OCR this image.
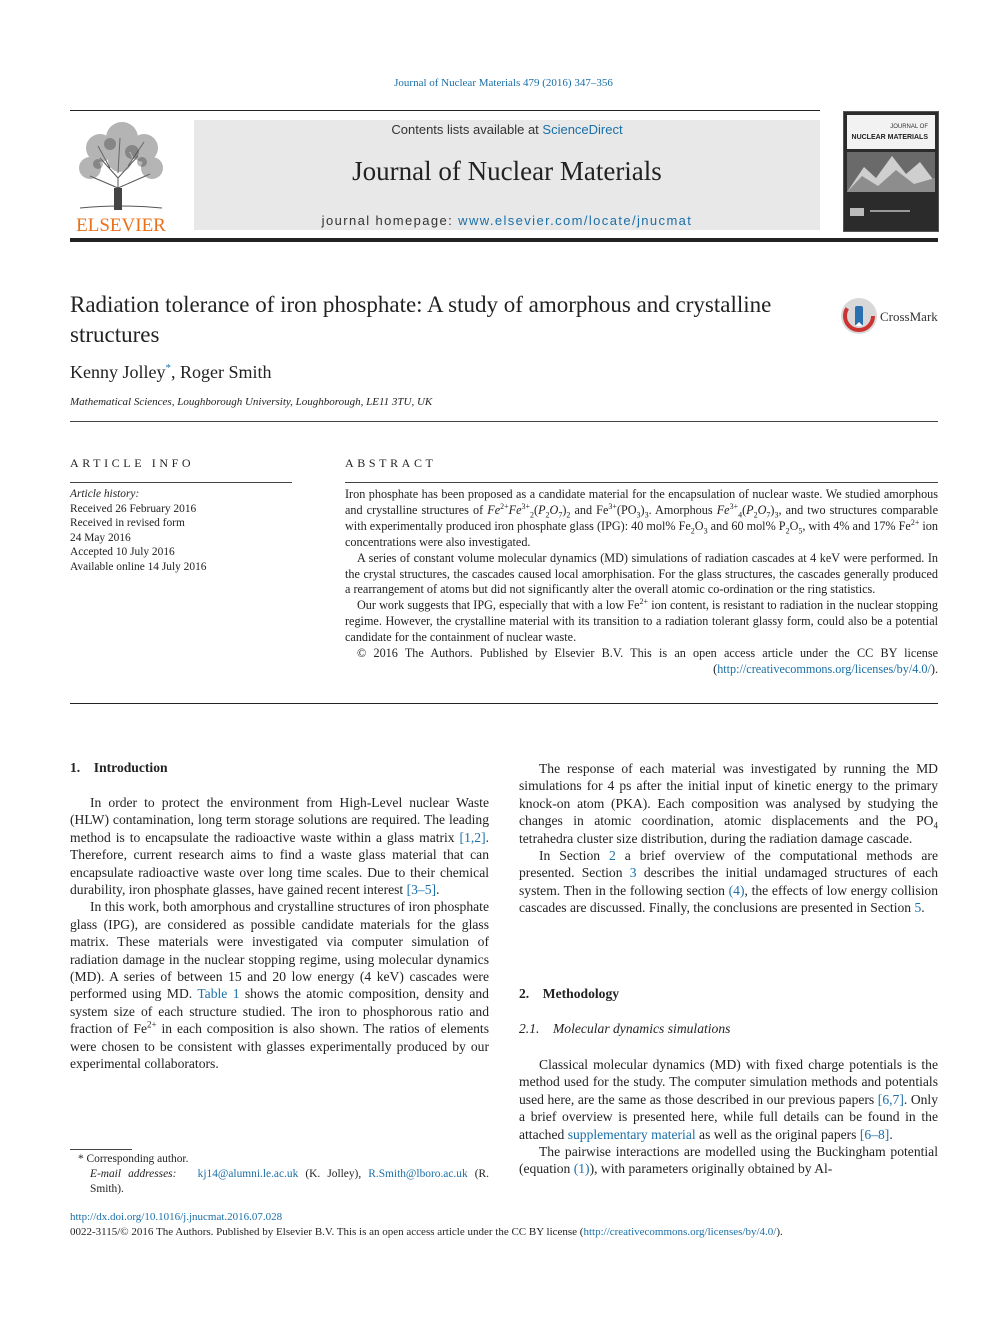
Journal of Nuclear Materials 479 (2016) 347–356
ELSEVIER
Contents lists available at ScienceDirect
Journal of Nuclear Materials
journal homepage: www.elsevier.com/locate/jnucmat
JOURNAL OF
NUCLEAR MATERIALS
Radiation tolerance of iron phosphate: A study of amorphous and crystalline structures
CrossMark
Kenny Jolley*, Roger Smith
Mathematical Sciences, Loughborough University, Loughborough, LE11 3TU, UK
ARTICLE INFO
Article history:
Received 26 February 2016
Received in revised form
24 May 2016
Accepted 10 July 2016
Available online 14 July 2016
ABSTRACT

Iron phosphate has been proposed as a candidate material for the encapsulation of nuclear waste. We studied amorphous and crystalline structures of $Fe^{2+}Fe^{3+}_2(P_2O_7)_2$ and $Fe^{3+}(PO_3)_3$. Amorphous $Fe^{3+}_4(P_2O_7)_3$, and two structures comparable with experimentally produced iron phosphate glass (IPG): 40 mol% $Fe_2O_3$ and 60 mol% $P_2O_5$, with 4% and 17% $Fe^{2+}$ ion concentrations were also investigated.

A series of constant volume molecular dynamics (MD) simulations of radiation cascades at 4 keV were performed. In the crystal structures, the cascades caused local amorphisation. For the glass structures, the cascades generally produced a rearrangement of atoms but did not significantly alter the overall atomic co-ordination or the ring statistics.

Our work suggests that IPG, especially that with a low $Fe^{2+}$ ion content, is resistant to radiation in the nuclear stopping regime. However, the crystalline material with its transition to a radiation tolerant glassy form, could also be a potential candidate for the containment of nuclear waste.

© 2016 The Authors. Published by Elsevier B.V. This is an open access article under the CC BY license (http://creativecommons.org/licenses/by/4.0/).

1. Introduction

In order to protect the environment from High-Level nuclear Waste (HLW) contamination, long term storage solutions are required. The leading method is to encapsulate the radioactive waste within a glass matrix [1,2]. Therefore, current research aims to find a waste glass material that can encapsulate radioactive waste over long time scales. Due to their chemical durability, iron phosphate glasses, have gained recent interest [3–5].

In this work, both amorphous and crystalline structures of iron phosphate glass (IPG), are considered as possible candidate materials for the glass matrix. These materials were investigated via computer simulation of radiation damage in the nuclear stopping regime, using molecular dynamics (MD). A series of between 15 and 20 low energy (4 keV) cascades were performed using MD. Table 1 shows the atomic composition, density and system size of each structure studied. The iron to phosphorous ratio and fraction of $Fe^{2+}$ in each composition is also shown. The ratios of elements were chosen to be consistent with glasses experimentally produced by our experimental collaborators.

The response of each material was investigated by running the MD simulations for 4 ps after the initial input of kinetic energy to the primary knock-on atom (PKA). Each composition was analysed by studying the changes in atomic coordination, atomic displacements and the $PO_4$ tetrahedra cluster size distribution, during the radiation damage cascade.

In Section 2 a brief overview of the computational methods are presented. Section 3 describes the initial undamaged structures of each system. Then in the following section (4), the effects of low energy collision cascades are discussed. Finally, the conclusions are presented in Section 5.

2. Methodology
2.1. Molecular dynamics simulations

Classical molecular dynamics (MD) with fixed charge potentials is the method used for the study. The computer simulation methods and potentials used here, are the same as those described in our previous papers [6,7]. Only a brief overview is presented here, while full details can be found in the attached supplementary material as well as the original papers [6–8].

The pairwise interactions are modelled using the Buckingham potential (equation (1)), with parameters originally obtained by Al-

* Corresponding author.
E-mail addresses: kj14@alumni.le.ac.uk (K. Jolley), R.Smith@lboro.ac.uk (R. Smith).
http://dx.doi.org/10.1016/j.jnucmat.2016.07.028
0022-3115/© 2016 The Authors. Published by Elsevier B.V. This is an open access article under the CC BY license (http://creativecommons.org/licenses/by/4.0/).
